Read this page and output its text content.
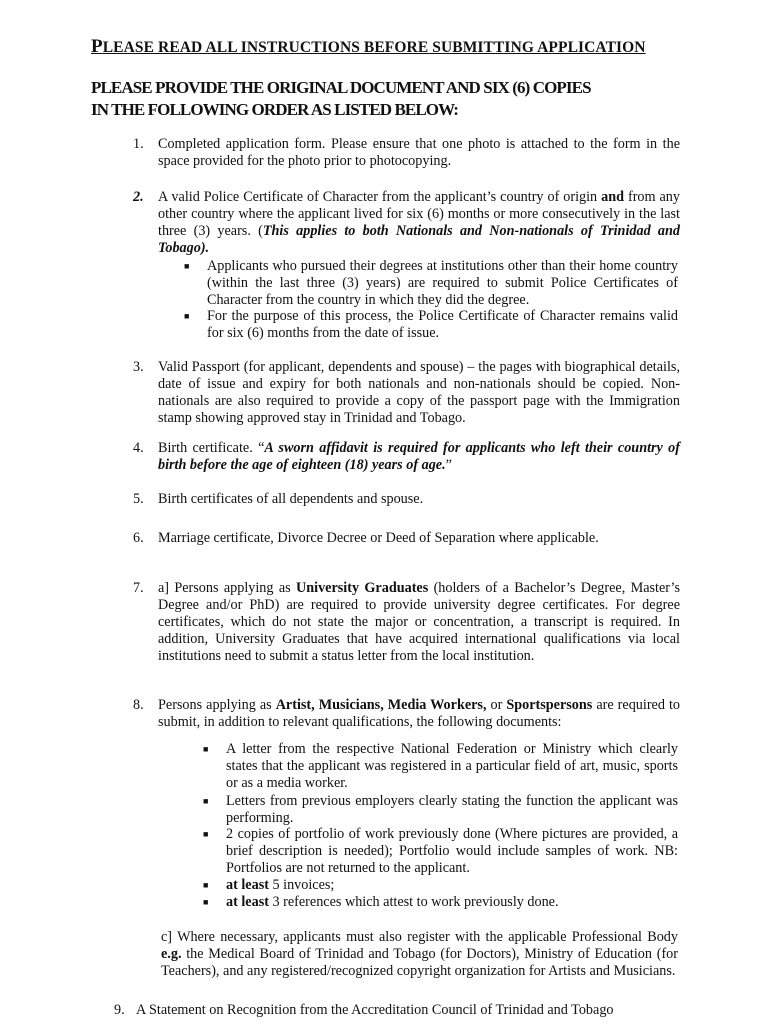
PLEASE READ ALL INSTRUCTIONS BEFORE SUBMITTING APPLICATION
PLEASE PROVIDE THE ORIGINAL DOCUMENT AND SIX (6) COPIES
IN THE FOLLOWING ORDER AS LISTED BELOW:
1. Completed application form. Please ensure that one photo is attached to the form in the space provided for the photo prior to photocopying.
2. A valid Police Certificate of Character from the applicant’s country of origin and from any other country where the applicant lived for six (6) months or more consecutively in the last three (3) years. (This applies to both Nationals and Non-nationals of Trinidad and Tobago).
■ Applicants who pursued their degrees at institutions other than their home country (within the last three (3) years) are required to submit Police Certificates of Character from the country in which they did the degree.
■ For the purpose of this process, the Police Certificate of Character remains valid for six (6) months from the date of issue.
3. Valid Passport (for applicant, dependents and spouse) – the pages with biographical details, date of issue and expiry for both nationals and non-nationals should be copied. Non-nationals are also required to provide a copy of the passport page with the Immigration stamp showing approved stay in Trinidad and Tobago.
4. Birth certificate. “A sworn affidavit is required for applicants who left their country of birth before the age of eighteen (18) years of age.”
5. Birth certificates of all dependents and spouse.
6. Marriage certificate, Divorce Decree or Deed of Separation where applicable.
7. a] Persons applying as University Graduates (holders of a Bachelor’s Degree, Master’s Degree and/or PhD) are required to provide university degree certificates. For degree certificates, which do not state the major or concentration, a transcript is required. In addition, University Graduates that have acquired international qualifications via local institutions need to submit a status letter from the local institution.
8. Persons applying as Artist, Musicians, Media Workers, or Sportspersons are required to submit, in addition to relevant qualifications, the following documents:
■ A letter from the respective National Federation or Ministry which clearly states that the applicant was registered in a particular field of art, music, sports or as a media worker.
■ Letters from previous employers clearly stating the function the applicant was performing.
■ 2 copies of portfolio of work previously done (Where pictures are provided, a brief description is needed); Portfolio would include samples of work. NB: Portfolios are not returned to the applicant.
■ at least 5 invoices;
■ at least 3 references which attest to work previously done.
c] Where necessary, applicants must also register with the applicable Professional Body e.g. the Medical Board of Trinidad and Tobago (for Doctors), Ministry of Education (for Teachers), and any registered/recognized copyright organization for Artists and Musicians.
9. A Statement on Recognition from the Accreditation Council of Trinidad and Tobago
